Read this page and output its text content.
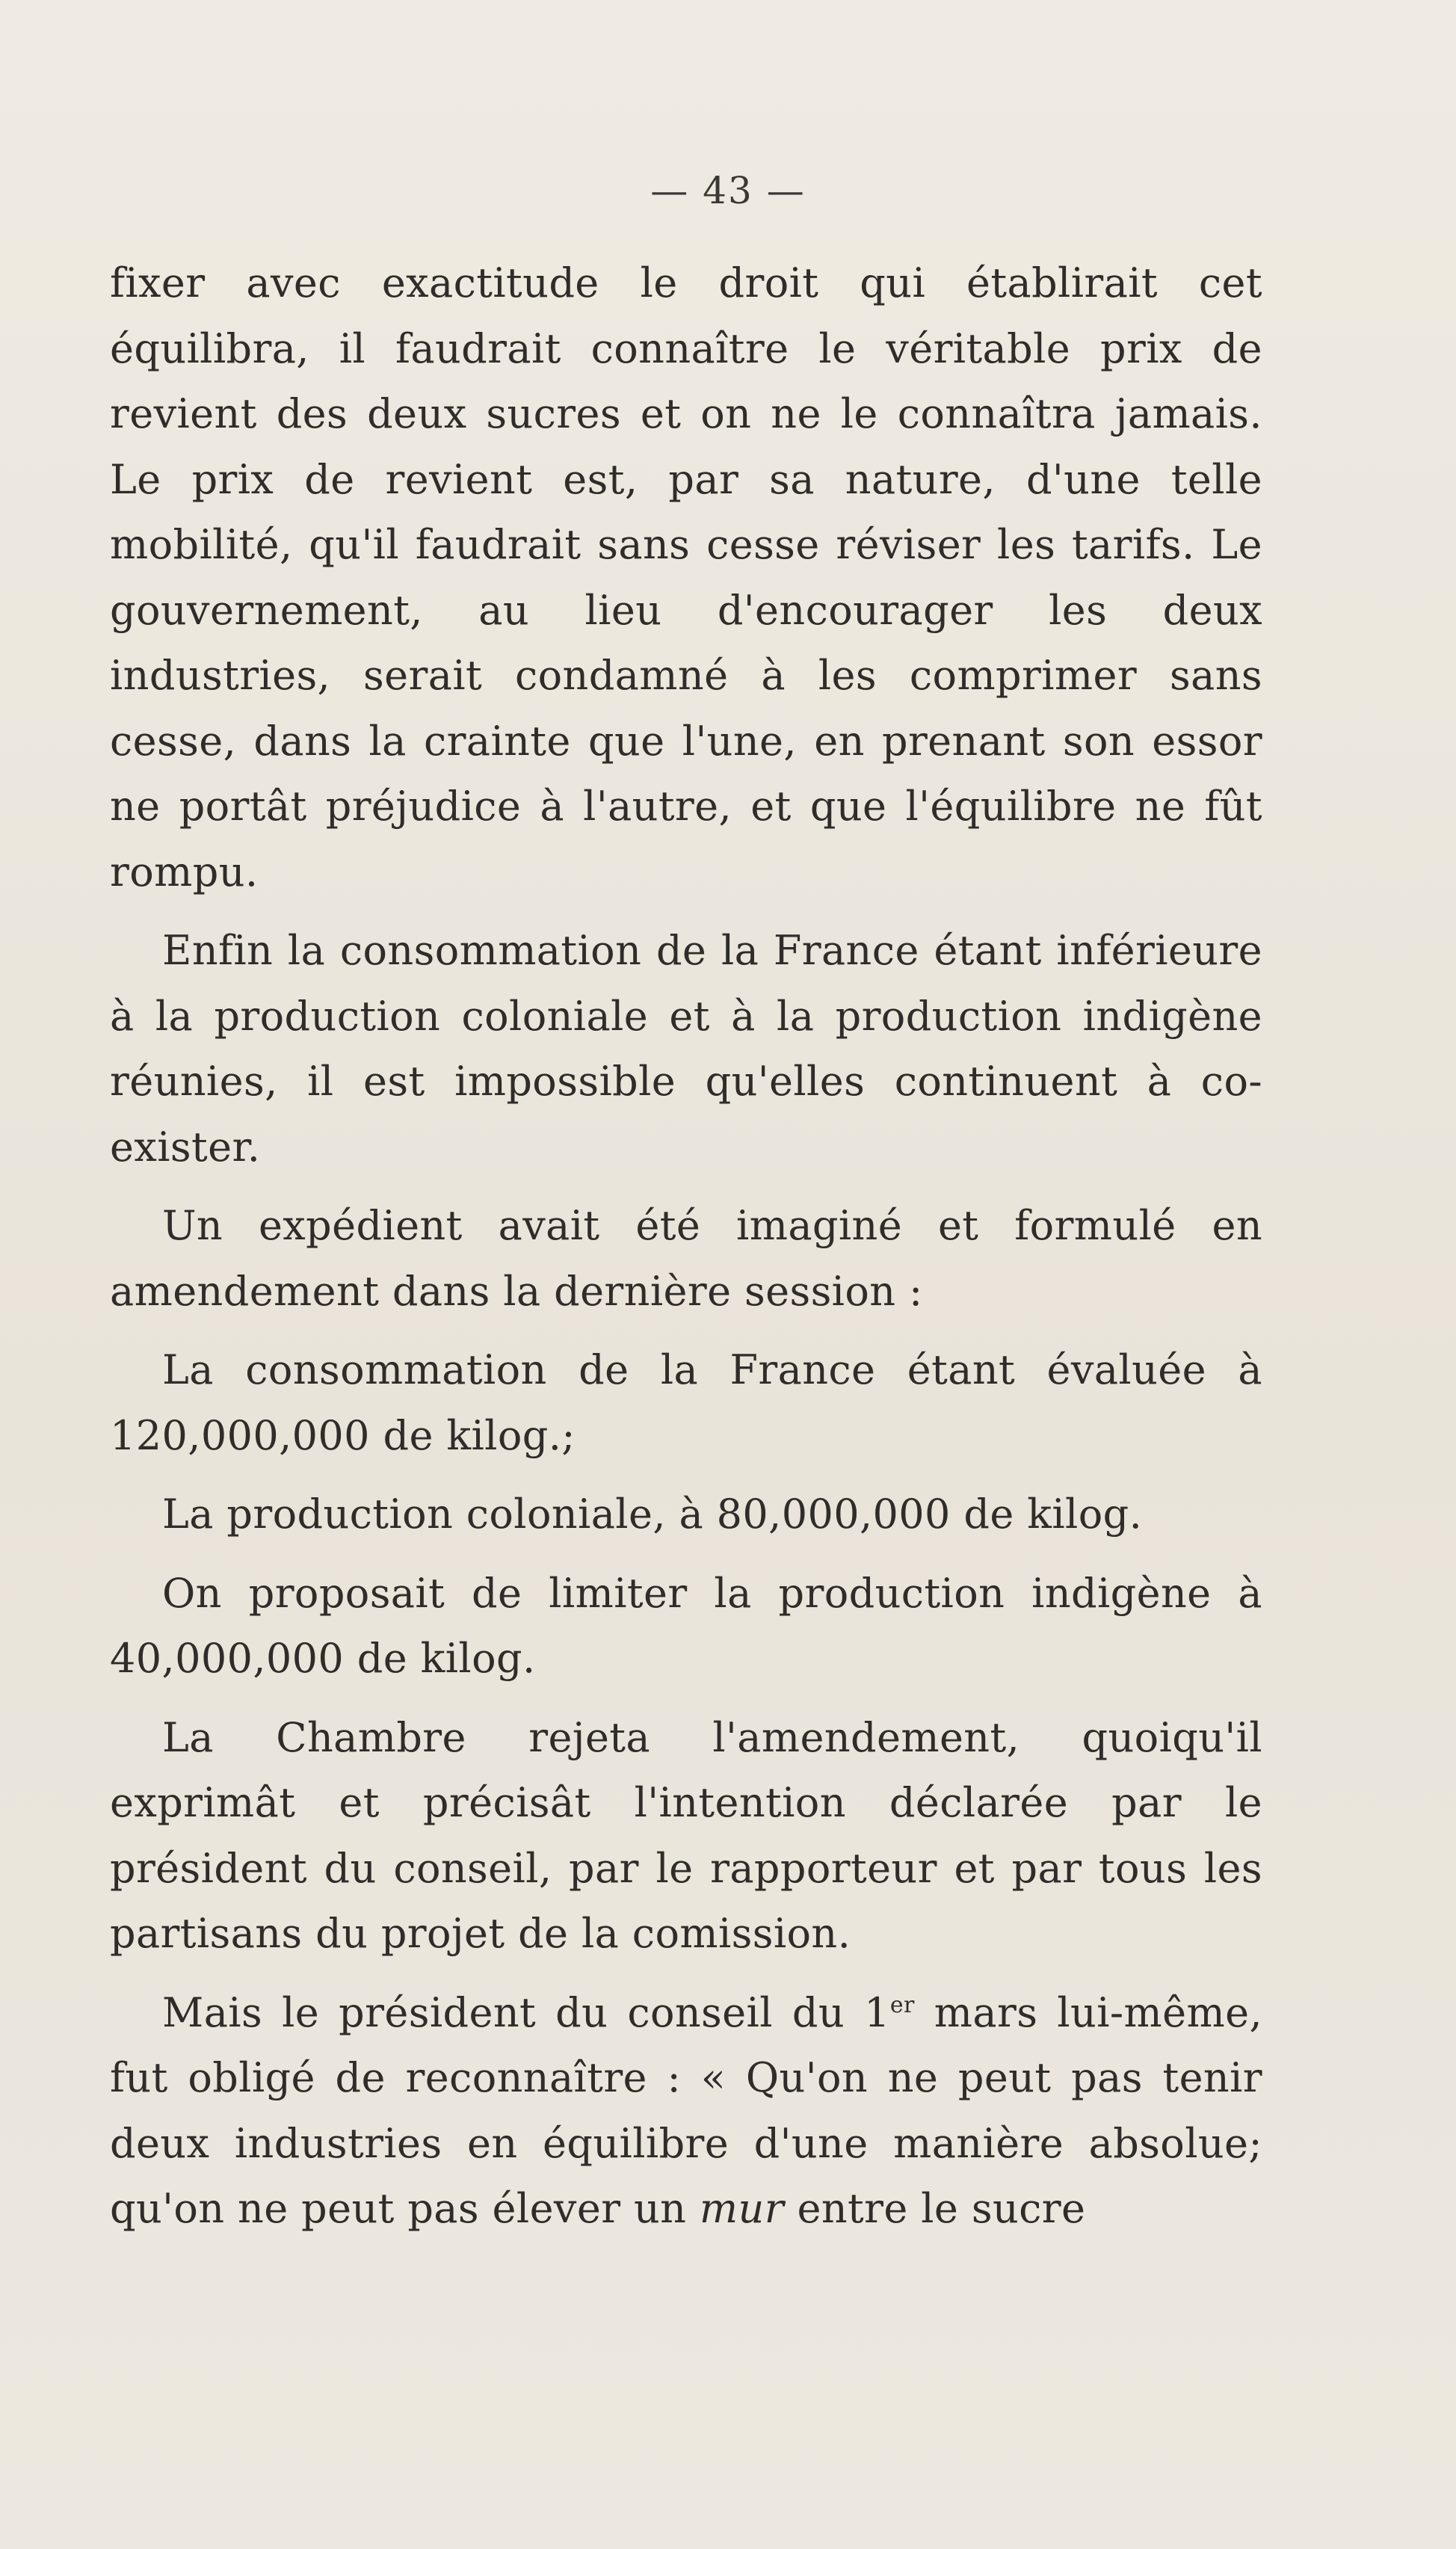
— 43 —

fixer avec exactitude le droit qui établirait cet équilibra, il faudrait connaître le véritable prix de revient des deux sucres et on ne le connaîtra jamais. Le prix de revient est, par sa nature, d'une telle mobilité, qu'il faudrait sans cesse réviser les tarifs. Le gouvernement, au lieu d'encourager les deux industries, serait condamné à les comprimer sans cesse, dans la crainte que l'une, en prenant son essor ne portât préjudice à l'autre, et que l'équilibre ne fût rompu.

Enfin la consommation de la France étant inférieure à la production coloniale et à la production indigène réunies, il est impossible qu'elles continuent à co-exister.

Un expédient avait été imaginé et formulé en amendement dans la dernière session :

La consommation de la France étant évaluée à 120,000,000 de kilog.;

La production coloniale, à 80,000,000 de kilog.

On proposait de limiter la production indigène à 40,000,000 de kilog.

La Chambre rejeta l'amendement, quoiqu'il exprimât et précisât l'intention déclarée par le président du conseil, par le rapporteur et par tous les partisans du projet de la comission.

Mais le président du conseil du 1er mars lui-même, fut obligé de reconnaître : « Qu'on ne peut pas tenir deux industries en équilibre d'une manière absolue; qu'on ne peut pas élever un mur entre le sucre
